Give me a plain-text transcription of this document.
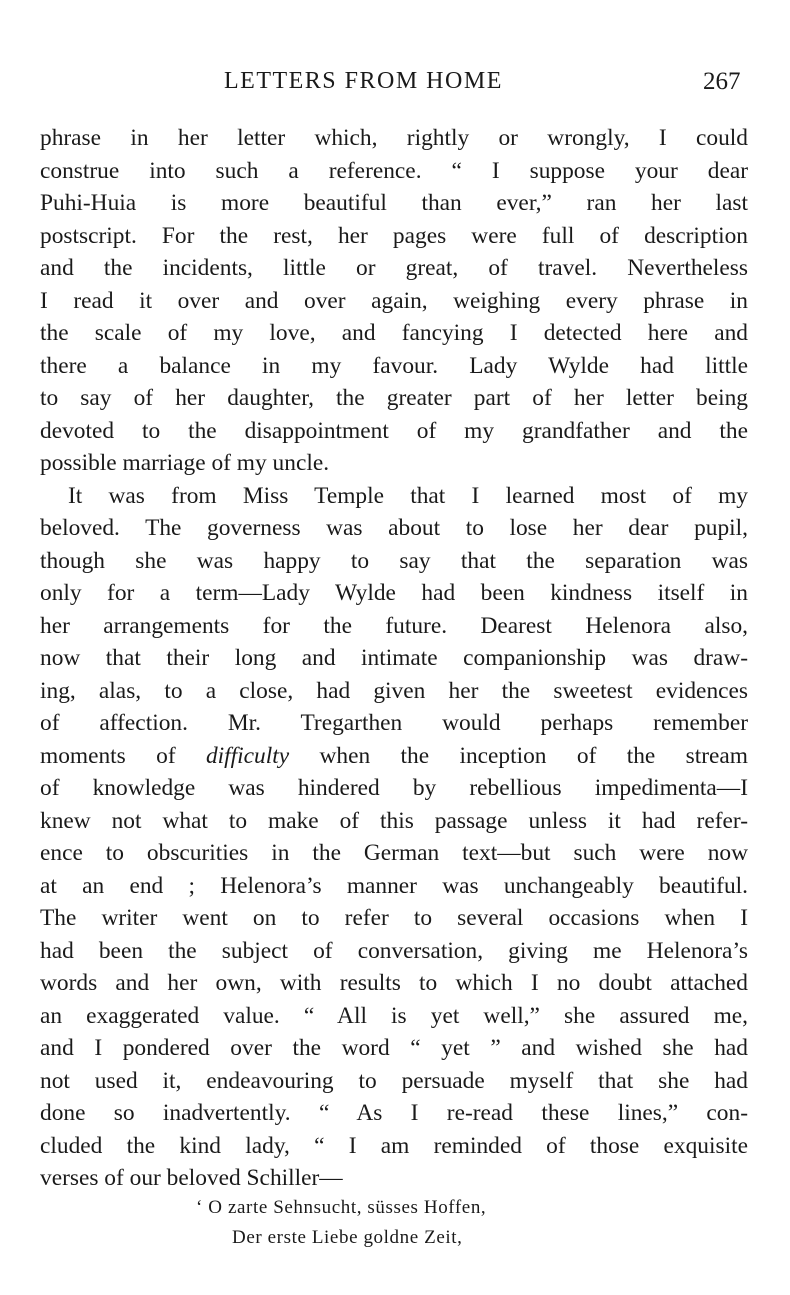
LETTERS FROM HOME	267
phrase in her letter which, rightly or wrongly, I could
construe into such a reference. “ I suppose your dear
Puhi-Huia is more beautiful than ever,” ran her last
postscript. For the rest, her pages were full of description
and the incidents, little or great, of travel. Nevertheless
I read it over and over again, weighing every phrase in
the scale of my love, and fancying I detected here and
there a balance in my favour. Lady Wylde had little
to say of her daughter, the greater part of her letter being
devoted to the disappointment of my grandfather and the
possible marriage of my uncle.
It was from Miss Temple that I learned most of my
beloved. The governess was about to lose her dear pupil,
though she was happy to say that the separation was
only for a term—Lady Wylde had been kindness itself in
her arrangements for the future. Dearest Helenora also,
now that their long and intimate companionship was draw-
ing, alas, to a close, had given her the sweetest evidences
of affection. Mr. Tregarthen would perhaps remember
moments of difficulty when the inception of the stream
of knowledge was hindered by rebellious impedimenta—I
knew not what to make of this passage unless it had refer-
ence to obscurities in the German text—but such were now
at an end ; Helenora’s manner was unchangeably beautiful.
The writer went on to refer to several occasions when I
had been the subject of conversation, giving me Helenora’s
words and her own, with results to which I no doubt attached
an exaggerated value. “ All is yet well,” she assured me,
and I pondered over the word “ yet ” and wished she had
not used it, endeavouring to persuade myself that she had
done so inadvertently. “ As I re-read these lines,” con-
cluded the kind lady, “ I am reminded of those exquisite
verses of our beloved Schiller—
‘ O zarte Sehnsucht, süsses Hoffen,
Der erste Liebe goldne Zeit,
